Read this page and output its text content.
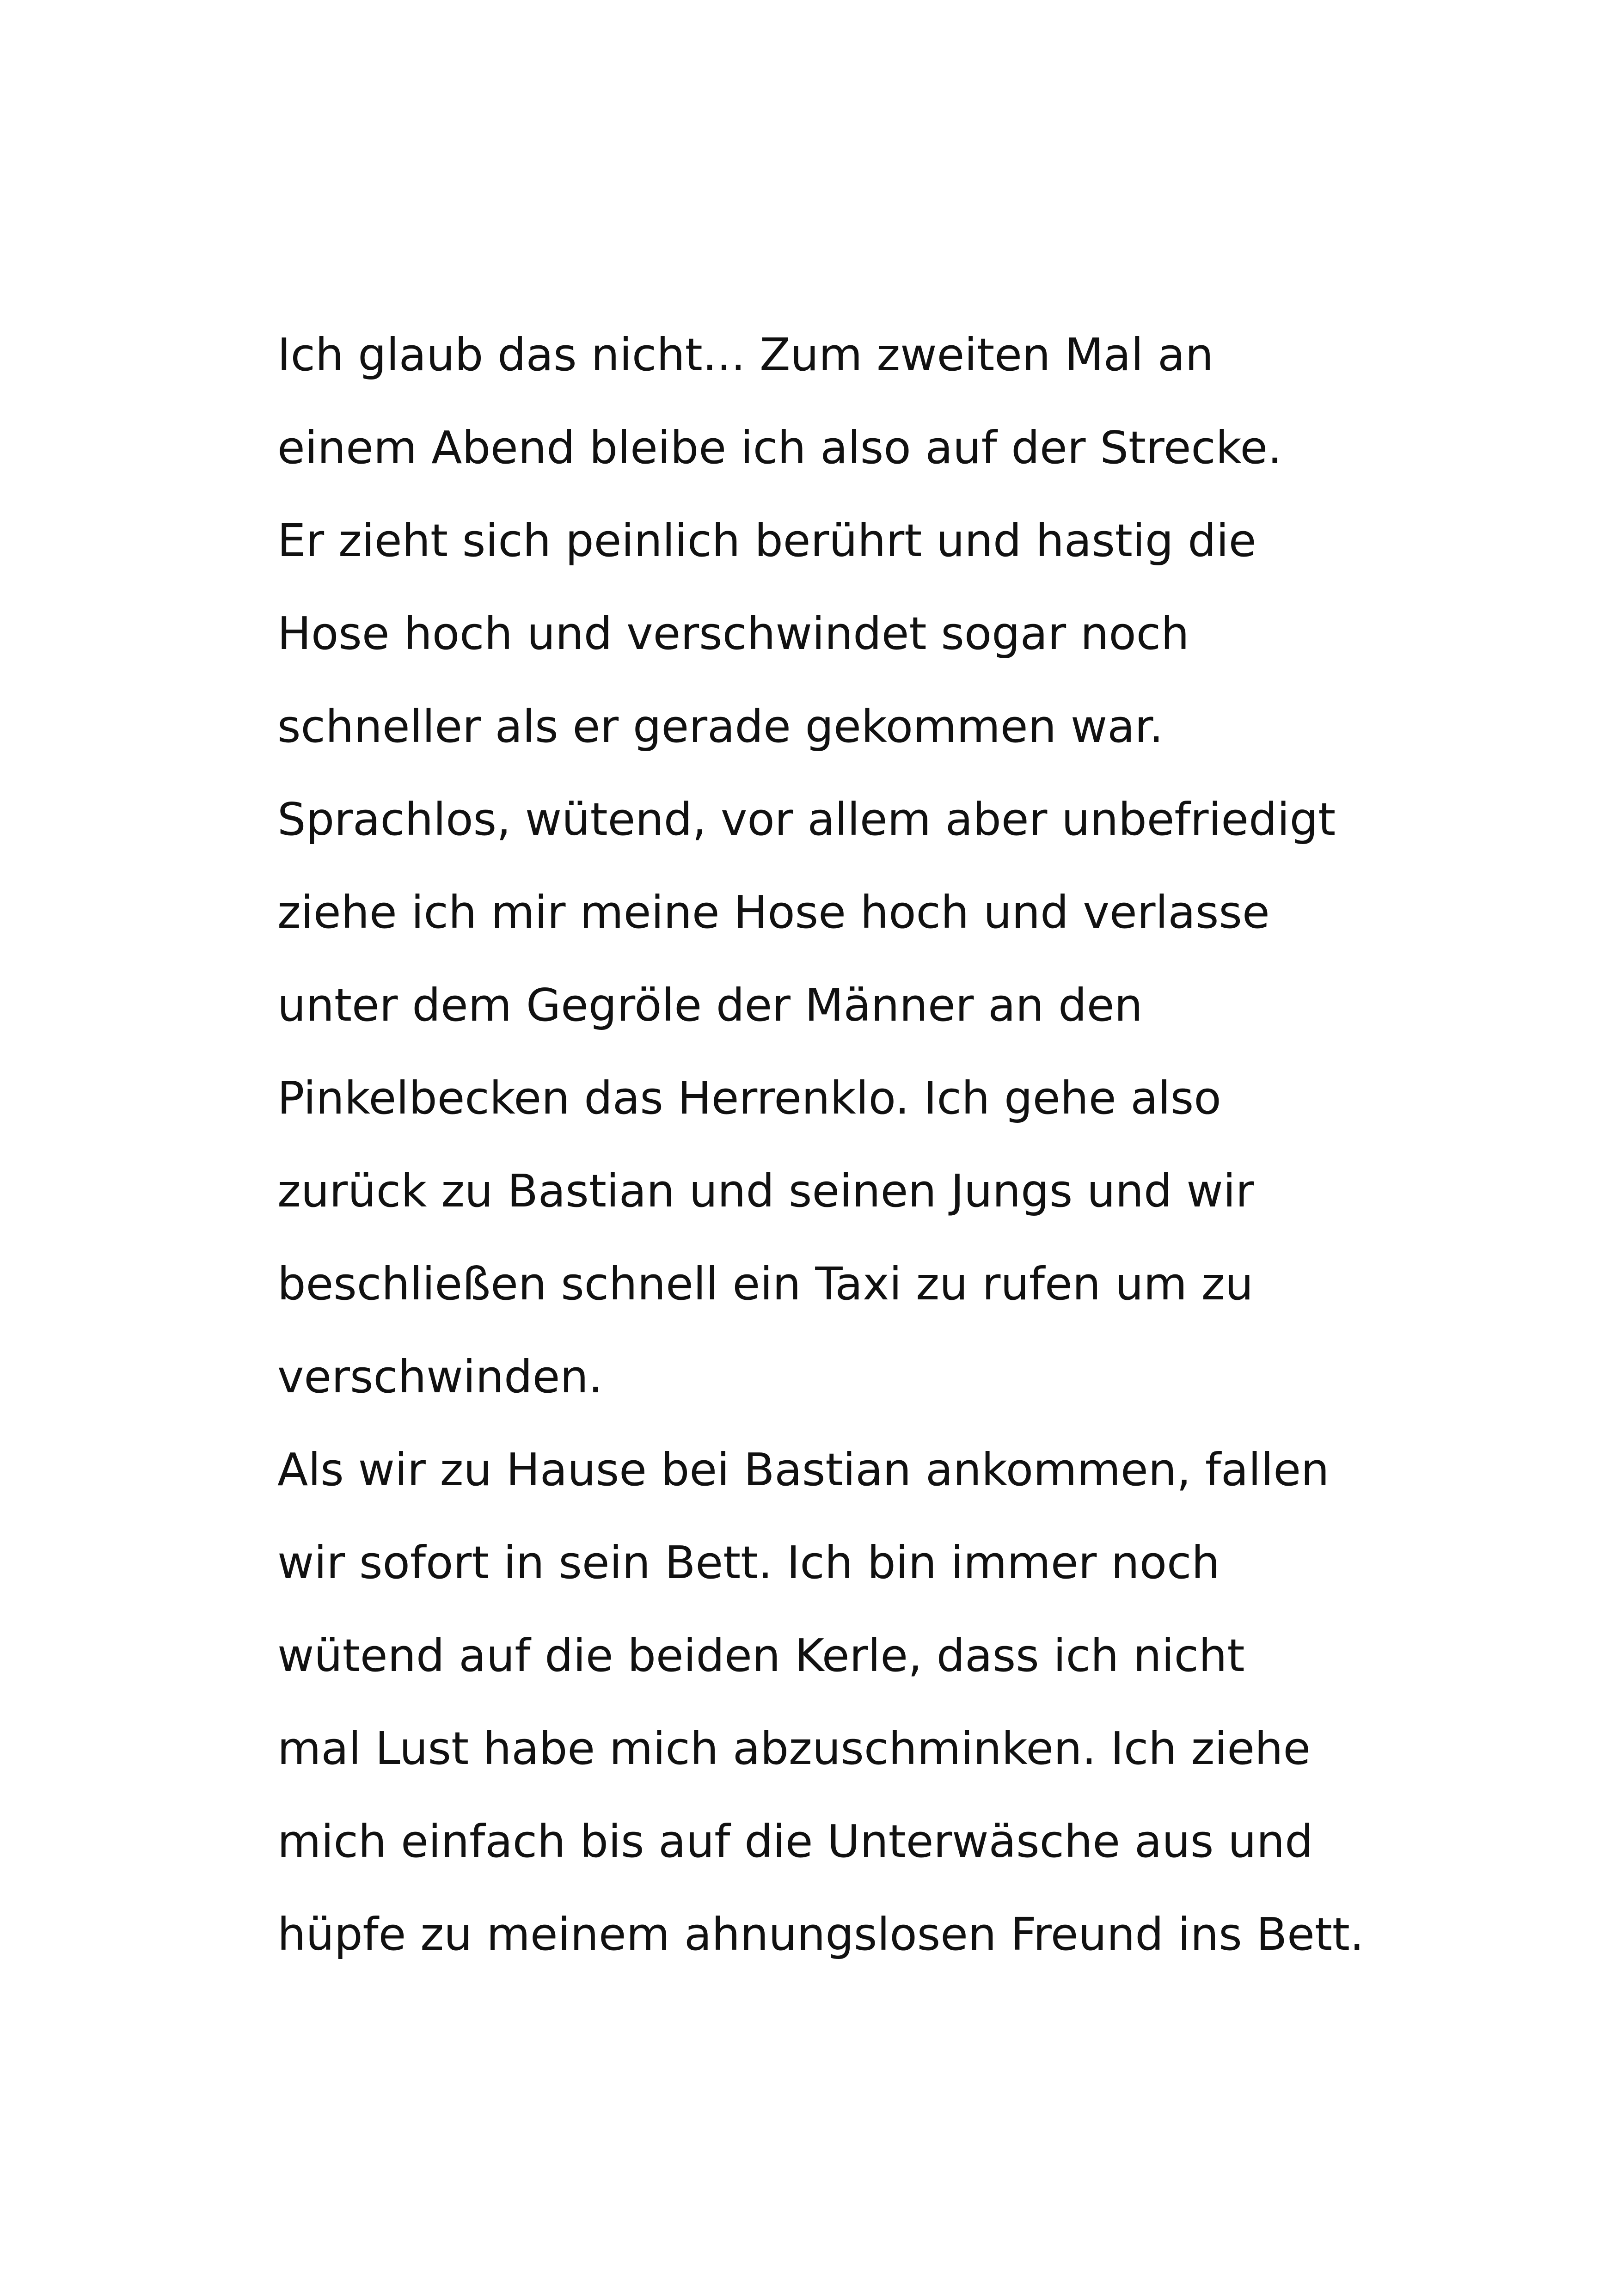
Ich glaub das nicht... Zum zweiten Mal an
einem Abend bleibe ich also auf der Strecke.
Er zieht sich peinlich berührt und hastig die
Hose hoch und verschwindet sogar noch
schneller als er gerade gekommen war.
Sprachlos, wütend, vor allem aber unbefriedigt
ziehe ich mir meine Hose hoch und verlasse
unter dem Gegröle der Männer an den
Pinkelbecken das Herrenklo. Ich gehe also
zurück zu Bastian und seinen Jungs und wir
beschließen schnell ein Taxi zu rufen um zu
verschwinden.
Als wir zu Hause bei Bastian ankommen, fallen
wir sofort in sein Bett. Ich bin immer noch
wütend auf die beiden Kerle, dass ich nicht
mal Lust habe mich abzuschminken. Ich ziehe
mich einfach bis auf die Unterwäsche aus und
hüpfe zu meinem ahnungslosen Freund ins Bett.
